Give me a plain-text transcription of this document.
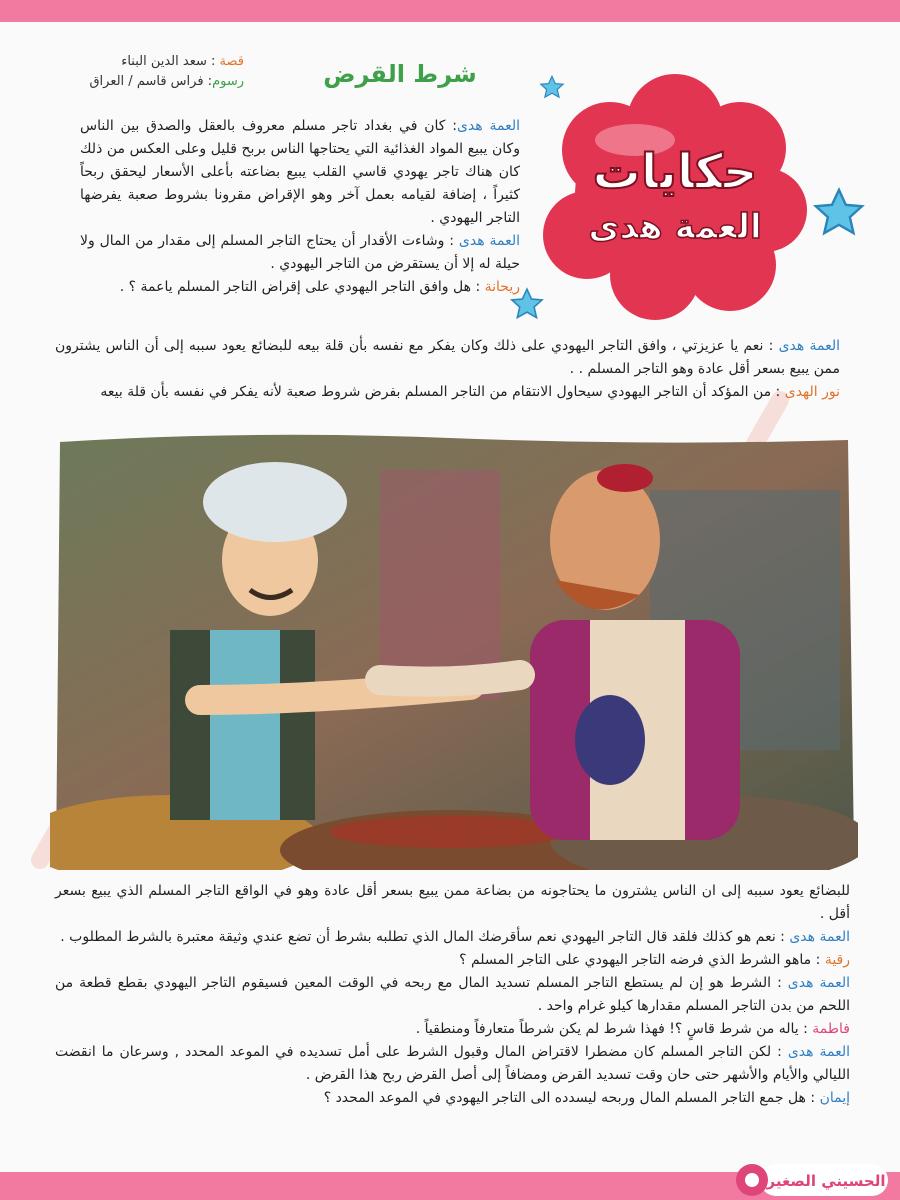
قصة : سعد الدين البناء
رسوم: فراس قاسم / العراق	شرط القرض
حكايات
العمة هدى

العمة هدى: كان في بغداد تاجر مسلم معروف بالعقل والصدق بين الناس وكان يبيع المواد الغذائية التي يحتاجها الناس بربح قليل وعلى العكس من ذلك كان هناك تاجر يهودي قاسي القلب يبيع بضاعته بأعلى الأسعار ليحقق ربحاً كثيراً ، إضافة لقيامه بعمل آخر وهو الإقراض مقرونا بشروط صعبة يفرضها التاجر اليهودي .

العمة هدى : وشاءت الأقدار أن يحتاج التاجر المسلم إلى مقدار من المال ولا حيلة له إلا أن يستقرض من التاجر اليهودي .

ريحانة : هل وافق التاجر اليهودي على إقراض التاجر المسلم ياعمة ؟ .

العمة هدى : نعم يا عزيزتي ، وافق التاجر اليهودي على ذلك وكان يفكر مع نفسه بأن قلة بيعه للبضائع يعود سببه إلى أن الناس يشترون ممن يبيع بسعر أقل عادة وهو التاجر المسلم . .

نور الهدى : من المؤكد أن التاجر اليهودي سيحاول الانتقام من التاجر المسلم بفرض شروط صعبة لأنه يفكر في نفسه بأن قلة بيعه

للبضائع يعود سببه إلى ان الناس يشترون ما يحتاجونه من بضاعة ممن يبيع بسعر أقل عادة وهو في الواقع التاجر المسلم الذي يبيع بسعر أقل .

العمة هدى : نعم هو كذلك فلقد قال التاجر اليهودي نعم سأقرضك المال الذي تطلبه بشرط أن تضع عندي وثيقة معتبرة بالشرط المطلوب .

رقية : ماهو الشرط الذي فرضه التاجر اليهودي على التاجر المسلم ؟

العمة هدى : الشرط هو إن لم يستطع التاجر المسلم تسديد المال مع ربحه في الوقت المعين فسيقوم التاجر اليهودي بقطع قطعة من اللحم من بدن التاجر المسلم مقدارها كيلو غرام واحد .

فاطمة : ياله من شرط قاسٍ ؟! فهذا شرط لم يكن شرطاً متعارفاً ومنطقياً .

العمة هدى : لكن التاجر المسلم كان مضطرا لاقتراض المال وقبول الشرط على أمل تسديده في الموعد المحدد , وسرعان ما انقضت الليالي والأيام والأشهر حتى حان وقت تسديد القرض ومضافاً إلى أصل القرض ربح هذا القرض .

إيمان : هل جمع التاجر المسلم المال وربحه ليسدده الى التاجر اليهودي في الموعد المحدد ؟

الحسيني الصغير
